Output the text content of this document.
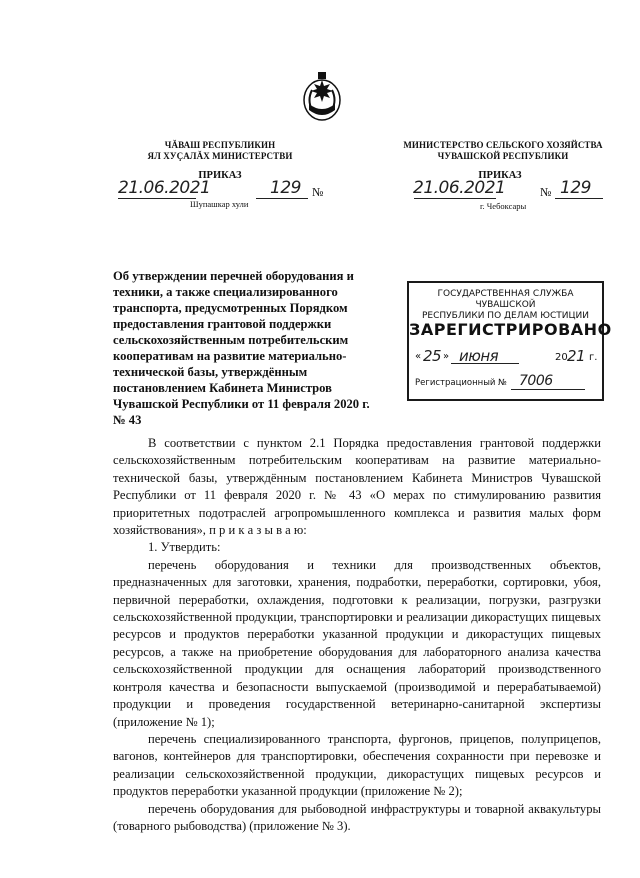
ЧĂВАШ РЕСПУБЛИКИН
ЯЛ ХУÇАЛĂХ МИНИСТЕРСТВИ
МИНИСТЕРСТВО СЕЛЬСКОГО ХОЗЯЙСТВА
ЧУВАШСКОЙ РЕСПУБЛИКИ
ПРИКАЗ
21.06.2021	129 №
Шупашкар хули
ПРИКАЗ
21.06.2021	№ 129
г. Чебоксары
Об утверждении перечней оборудования и
техники, а также специализированного
транспорта, предусмотренных Порядком
предоставления грантовой поддержки
сельскохозяйственным потребительским
кооперативам на развитие материально-
технической базы, утверждённым
постановлением Кабинета Министров
Чувашской Республики от 11 февраля 2020 г.
№ 43
ГОСУДАРСТВЕННАЯ СЛУЖБА ЧУВАШСКОЙ
РЕСПУБЛИКИ ПО ДЕЛАМ ЮСТИЦИИ
ЗАРЕГИСТРИРОВАНО
« 25 » июня	20 21 г.
Регистрационный № 7006

В соответствии с пунктом 2.1 Порядка предоставления грантовой поддержки сельскохозяйственным потребительским кооперативам на развитие материально-технической базы, утверждённым постановлением Кабинета Министров Чувашской Республики от 11 февраля 2020 г. № 43 «О мерах по стимулированию развития приоритетных подотраслей агропромышленного комплекса и развития малых форм хозяйствования», п р и к а з ы в а ю:

1. Утвердить:

перечень оборудования и техники для производственных объектов, предназначенных для заготовки, хранения, подработки, переработки, сортировки, убоя, первичной переработки, охлаждения, подготовки к реализации, погрузки, разгрузки сельскохозяйственной продукции, транспортировки и реализации дикорастущих пищевых ресурсов и продуктов переработки указанной продукции и дикорастущих пищевых ресурсов, а также на приобретение оборудования для лабораторного анализа качества сельскохозяйственной продукции для оснащения лабораторий производственного контроля качества и безопасности выпускаемой (производимой и перерабатываемой) продукции и проведения государственной ветеринарно-санитарной экспертизы (приложение № 1);

перечень специализированного транспорта, фургонов, прицепов, полуприцепов, вагонов, контейнеров для транспортировки, обеспечения сохранности при перевозке и реализации сельскохозяйственной продукции, дикорастущих пищевых ресурсов и продуктов переработки указанной продукции (приложение № 2);

перечень оборудования для рыбоводной инфраструктуры и товарной аквакультуры (товарного рыбоводства) (приложение № 3).
